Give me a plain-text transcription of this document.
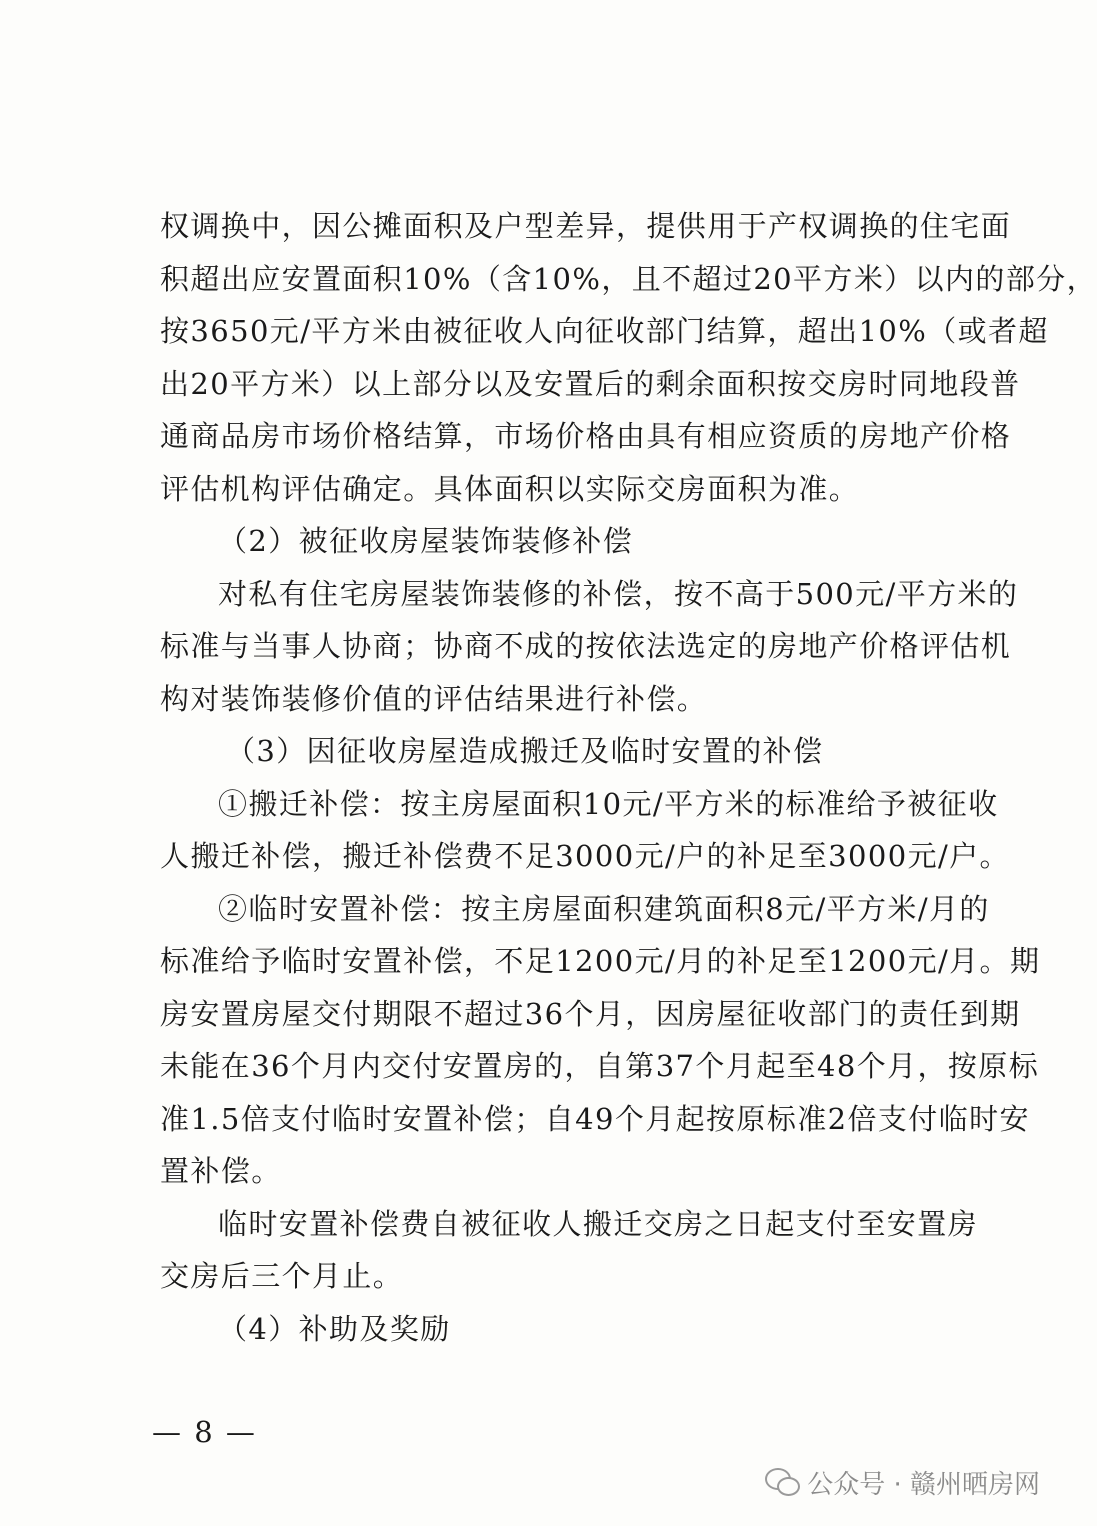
权调换中，因公摊面积及户型差异，提供用于产权调换的住宅面
积超出应安置面积10%（含10%，且不超过20平方米）以内的部分，
按3650元/平方米由被征收人向征收部门结算，超出10%（或者超
出20平方米）以上部分以及安置后的剩余面积按交房时同地段普
通商品房市场价格结算，市场价格由具有相应资质的房地产价格
评估机构评估确定。具体面积以实际交房面积为准。
（2）被征收房屋装饰装修补偿
对私有住宅房屋装饰装修的补偿，按不高于500元/平方米的
标准与当事人协商；协商不成的按依法选定的房地产价格评估机
构对装饰装修价值的评估结果进行补偿。
（3）因征收房屋造成搬迁及临时安置的补偿
①搬迁补偿：按主房屋面积10元/平方米的标准给予被征收
人搬迁补偿，搬迁补偿费不足3000元/户的补足至3000元/户。
②临时安置补偿：按主房屋面积建筑面积8元/平方米/月的
标准给予临时安置补偿，不足1200元/月的补足至1200元/月。期
房安置房屋交付期限不超过36个月，因房屋征收部门的责任到期
未能在36个月内交付安置房的，自第37个月起至48个月，按原标
准1.5倍支付临时安置补偿；自49个月起按原标准2倍支付临时安
置补偿。
临时安置补偿费自被征收人搬迁交房之日起支付至安置房
交房后三个月止。
（4）补助及奖励
— 8 —
公众号 · 赣州晒房网
